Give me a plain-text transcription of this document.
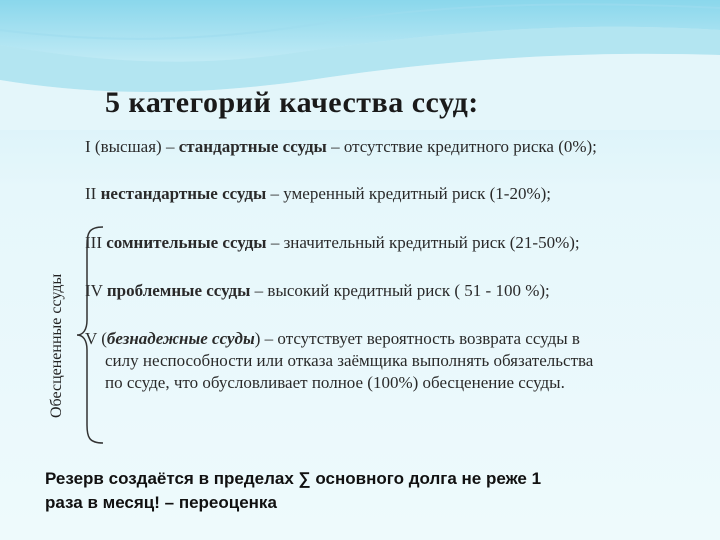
5 категорий качества ссуд:
I (высшая) – стандартные ссуды – отсутствие кредитного риска (0%);
II нестандартные ссуды – умеренный кредитный риск (1-20%);
III сомнительные ссуды – значительный кредитный риск (21-50%);
IV проблемные ссуды – высокий кредитный риск ( 51 - 100 %);
V (безнадежные ссуды) – отсутствует вероятность возврата ссуды в
силу неспособности или отказа заёмщика выполнять обязательства
по ссуде, что обусловливает полное (100%) обесценение ссуды.
Обесцененные ссуды
Резерв создаётся в пределах ∑ основного долга не реже 1
раза в месяц! – переоценка
